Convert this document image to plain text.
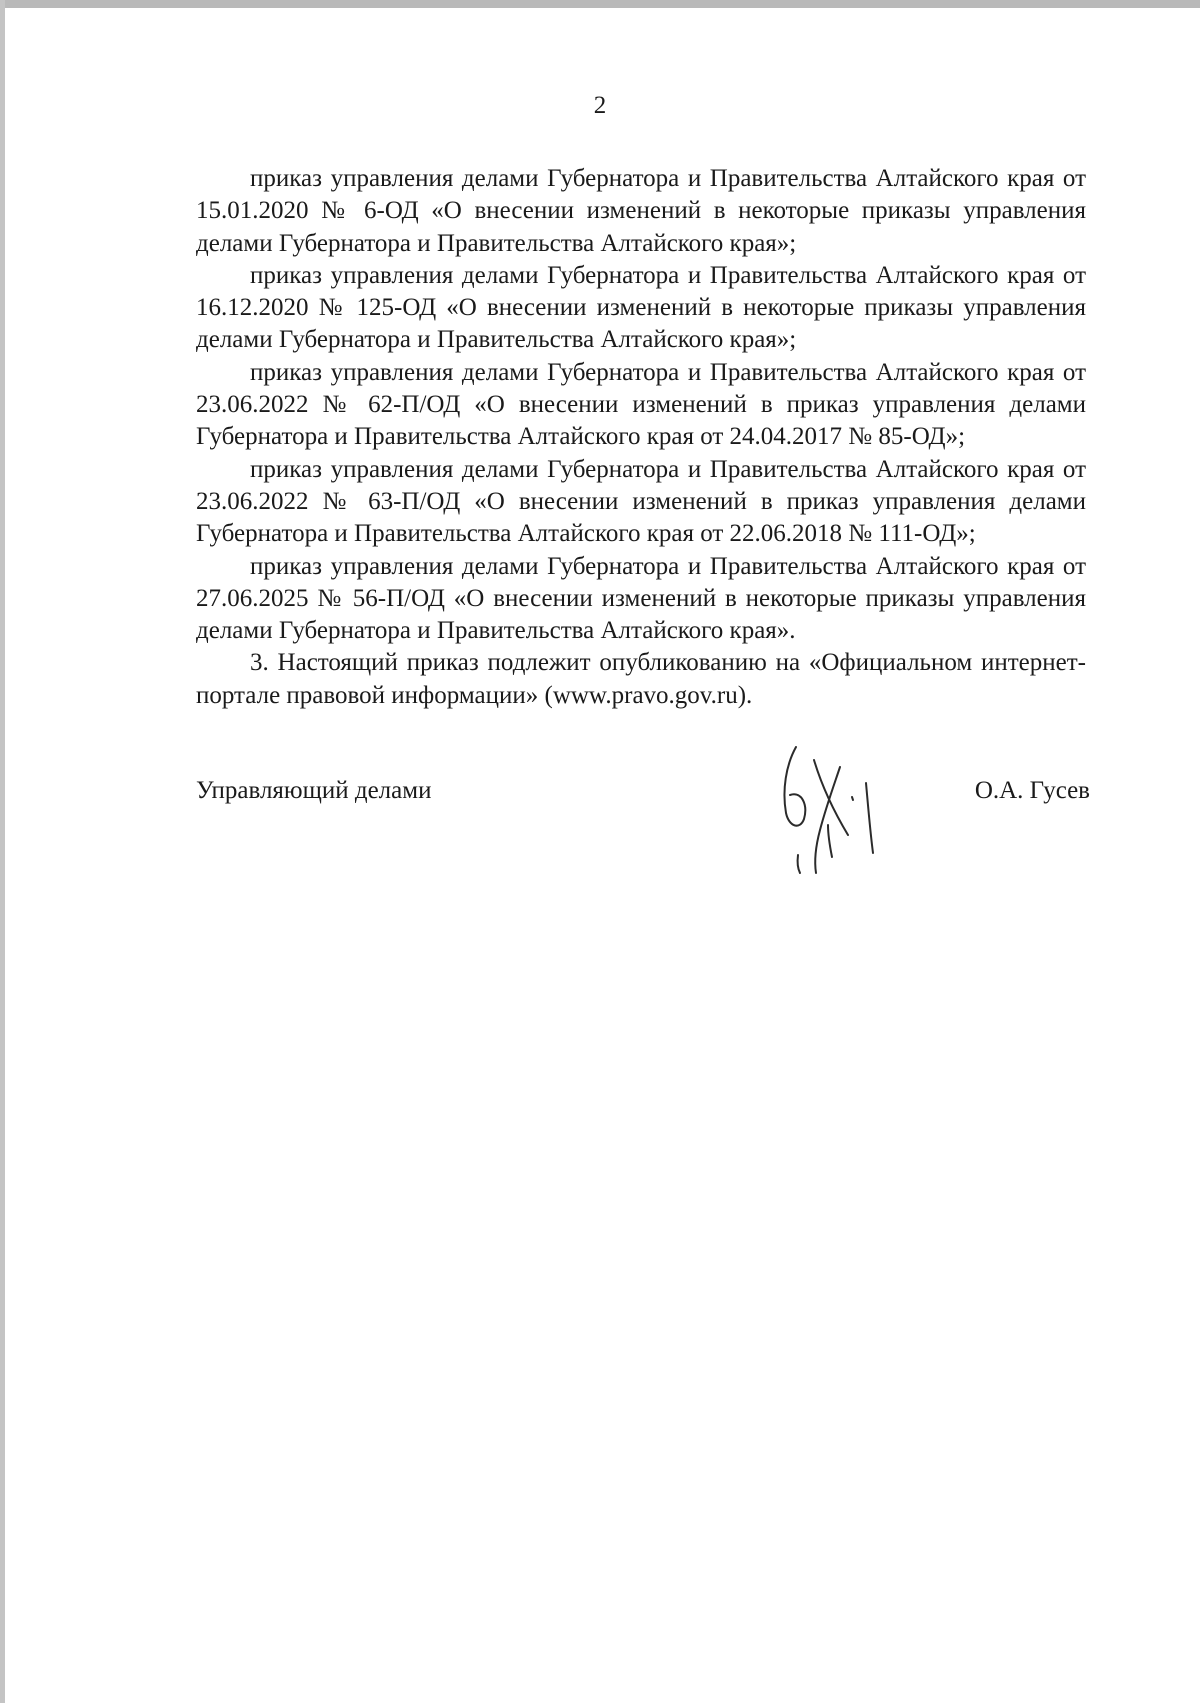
2

приказ управления делами Губернатора и Правительства Алтайского края от 15.01.2020 № 6-ОД «О внесении изменений в некоторые приказы управления делами Губернатора и Правительства Алтайского края»;

приказ управления делами Губернатора и Правительства Алтайского края от 16.12.2020 № 125-ОД «О внесении изменений в некоторые приказы управления делами Губернатора и Правительства Алтайского края»;

приказ управления делами Губернатора и Правительства Алтайского края от 23.06.2022 № 62-П/ОД «О внесении изменений в приказ управления делами Губернатора и Правительства Алтайского края от 24.04.2017 № 85-ОД»;

приказ управления делами Губернатора и Правительства Алтайского края от 23.06.2022 № 63-П/ОД «О внесении изменений в приказ управления делами Губернатора и Правительства Алтайского края от 22.06.2018 № 111-ОД»;

приказ управления делами Губернатора и Правительства Алтайского края от 27.06.2025 № 56-П/ОД «О внесении изменений в некоторые приказы управления делами Губернатора и Правительства Алтайского края».

3. Настоящий приказ подлежит опубликованию на «Официальном интернет-портале правовой информации» (www.pravo.gov.ru).

Управляющий делами	О.А. Гусев
